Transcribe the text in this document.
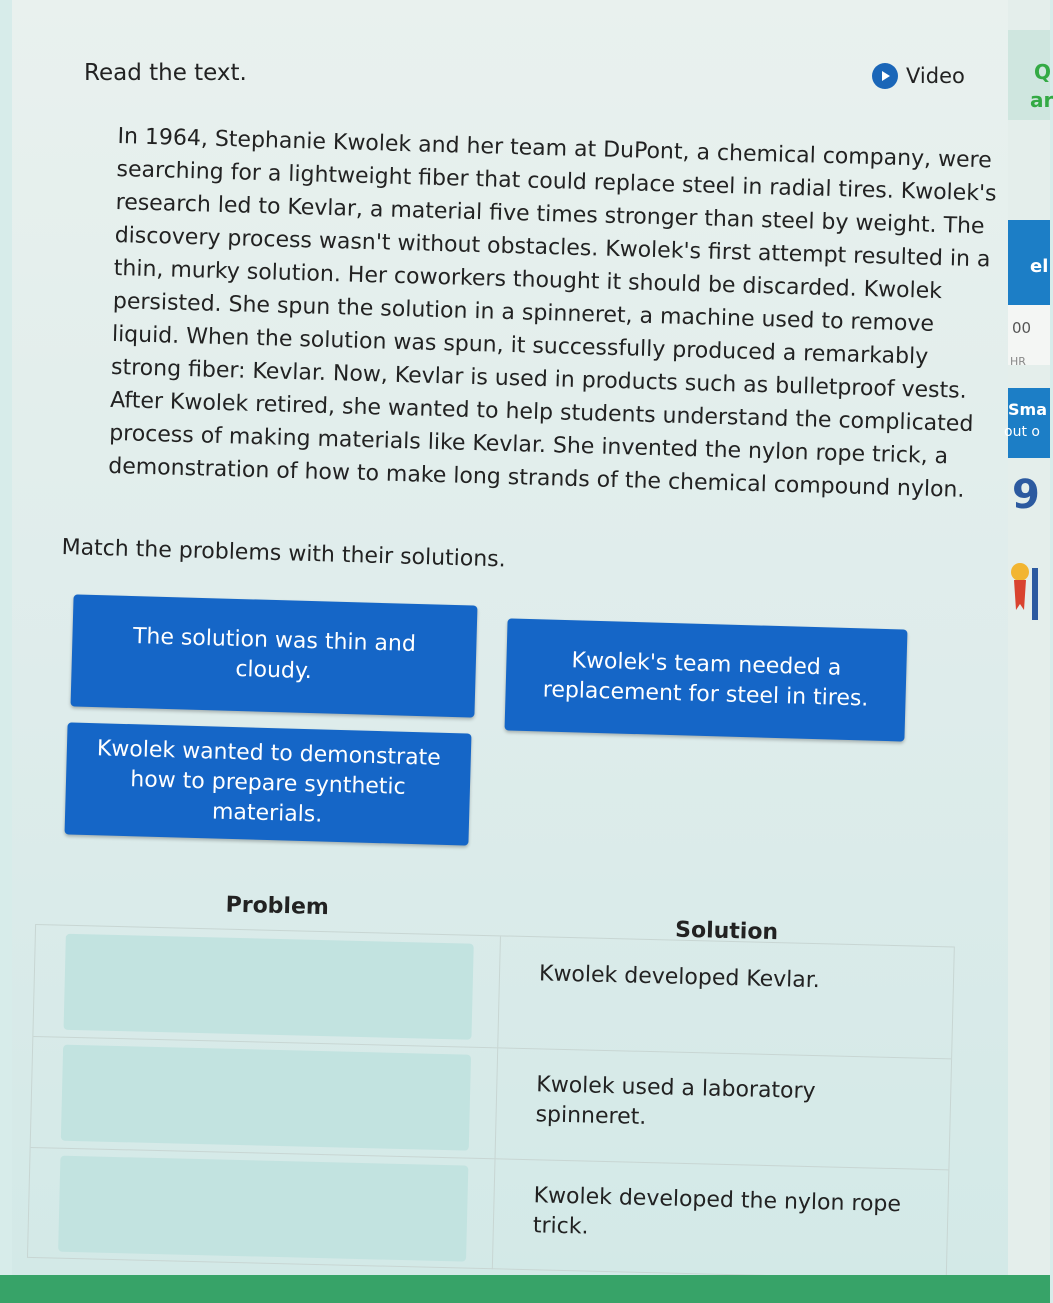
Read the text.	Video

In 1964, Stephanie Kwolek and her team at DuPont, a chemical company, were searching for a lightweight fiber that could replace steel in radial tires. Kwolek's research led to Kevlar, a material five times stronger than steel by weight. The discovery process wasn't without obstacles. Kwolek's first attempt resulted in a thin, murky solution. Her coworkers thought it should be discarded. Kwolek persisted. She spun the solution in a spinneret, a machine used to remove liquid. When the solution was spun, it successfully produced a remarkably strong fiber: Kevlar. Now, Kevlar is used in products such as bulletproof vests. After Kwolek retired, she wanted to help students understand the complicated process of making materials like Kevlar. She invented the nylon rope trick, a demonstration of how to make long strands of the chemical compound nylon.

Match the problems with their solutions.
The solution was thin and cloudy.	Kwolek's team needed a replacement for steel in tires.
Kwolek wanted to demonstrate how to prepare synthetic materials.
Problem
Solution
Kwolek developed Kevlar.
Kwolek used a laboratory spinneret.
Kwolek developed the nylon rope trick.
Q
ar
el
00
HR
Sma
out o
9
